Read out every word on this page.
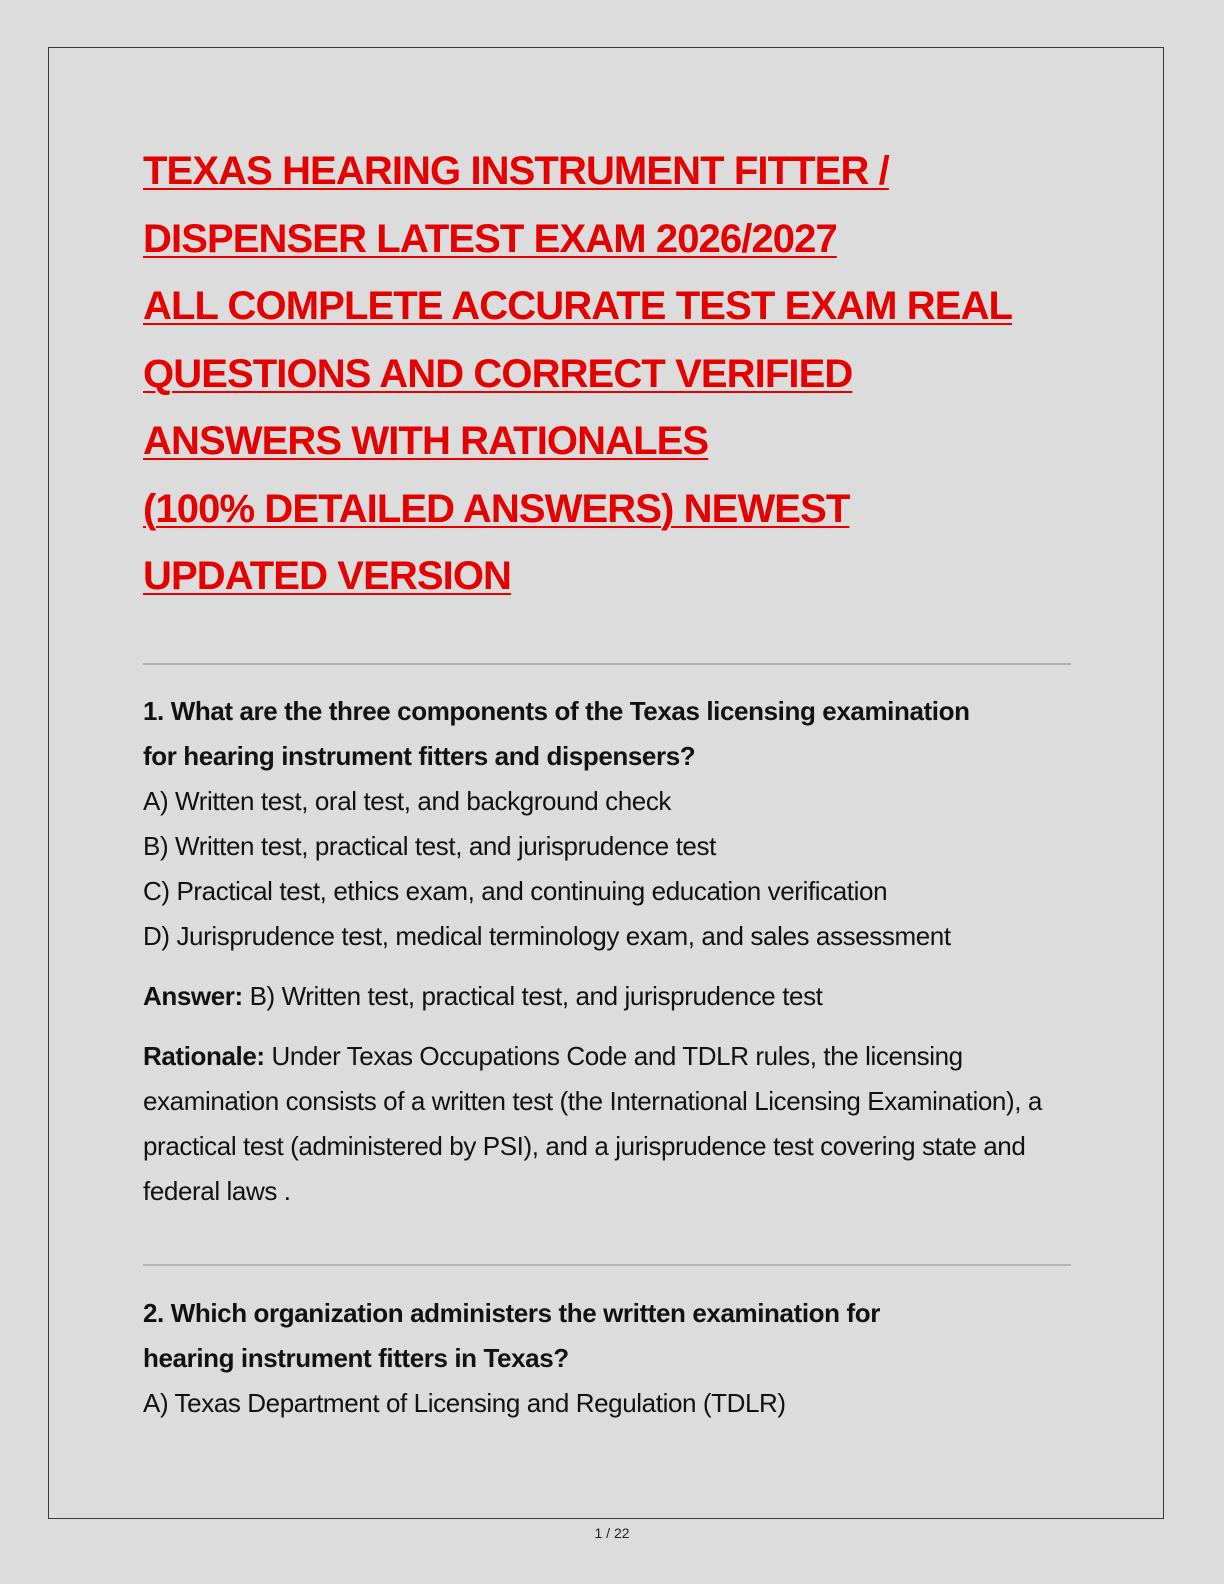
TEXAS HEARING INSTRUMENT FITTER /
DISPENSER LATEST EXAM 2026/2027
ALL COMPLETE ACCURATE TEST EXAM REAL
QUESTIONS AND CORRECT VERIFIED
ANSWERS WITH RATIONALES
(100% DETAILED ANSWERS) NEWEST
UPDATED VERSION
1. What are the three components of the Texas licensing examination
for hearing instrument fitters and dispensers?
A) Written test, oral test, and background check
B) Written test, practical test, and jurisprudence test
C) Practical test, ethics exam, and continuing education verification
D) Jurisprudence test, medical terminology exam, and sales assessment
Answer: B) Written test, practical test, and jurisprudence test
Rationale: Under Texas Occupations Code and TDLR rules, the licensing examination consists of a written test (the International Licensing Examination), a practical test (administered by PSI), and a jurisprudence test covering state and federal laws .
2. Which organization administers the written examination for
hearing instrument fitters in Texas?
A) Texas Department of Licensing and Regulation (TDLR)
1 / 22
